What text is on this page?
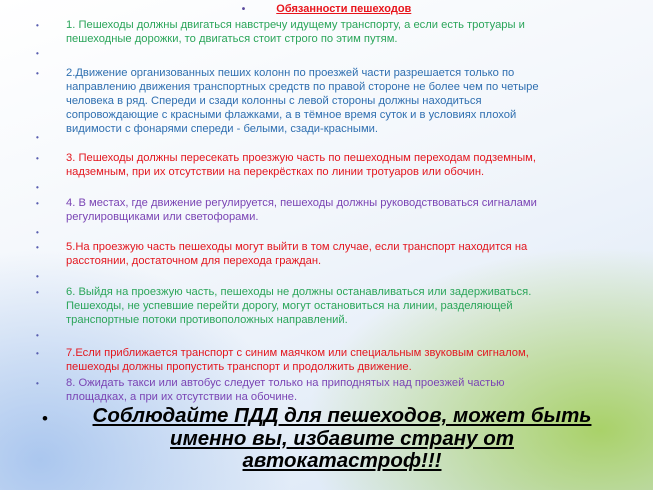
•	Обязанности пешеходов
• 1. Пешеходы должны двигаться навстречу идущему транспорту, а если есть тротуары и
пешеходные дорожки, то двигаться стоит строго по этим путям.
•
• 2.Движение организованных пеших колонн по проезжей части разрешается только по
направлению движения транспортных средств по правой стороне не более чем по четыре
человека в ряд. Спереди и сзади колонны с левой стороны должны находиться
сопровождающие с красными флажками, а в тёмное время суток и в условиях плохой
видимости с фонарями спереди - белыми, сзади-красными.
•
• 3. Пешеходы должны пересекать проезжую часть по пешеходным переходам подземным,
надземным, при их отсутствии на перекрёстках по линии тротуаров или обочин.
•
• 4. В местах, где движение регулируется, пешеходы должны руководствоваться сигналами
регулировщиками или светофорами.
•
• 5.На проезжую часть пешеходы могут выйти в том случае, если транспорт находится на
расстоянии, достаточном для перехода граждан.
•
• 6. Выйдя на проезжую часть, пешеходы не должны останавливаться или задерживаться.
Пешеходы, не успевшие перейти дорогу, могут остановиться на линии, разделяющей
транспортные потоки противоположных направлений.
•
• 7.Если приближается транспорт с синим маячком или специальным звуковым сигналом,
пешеходы должны пропустить транспорт и продолжить движение.
• 8. Ожидать такси или автобус следует только на приподнятых над проезжей частью
площадках, а при их отсутствии на обочине.
•	Соблюдайте ПДД для пешеходов, может быть
именно вы, избавите страну от
автокатастроф!!!
